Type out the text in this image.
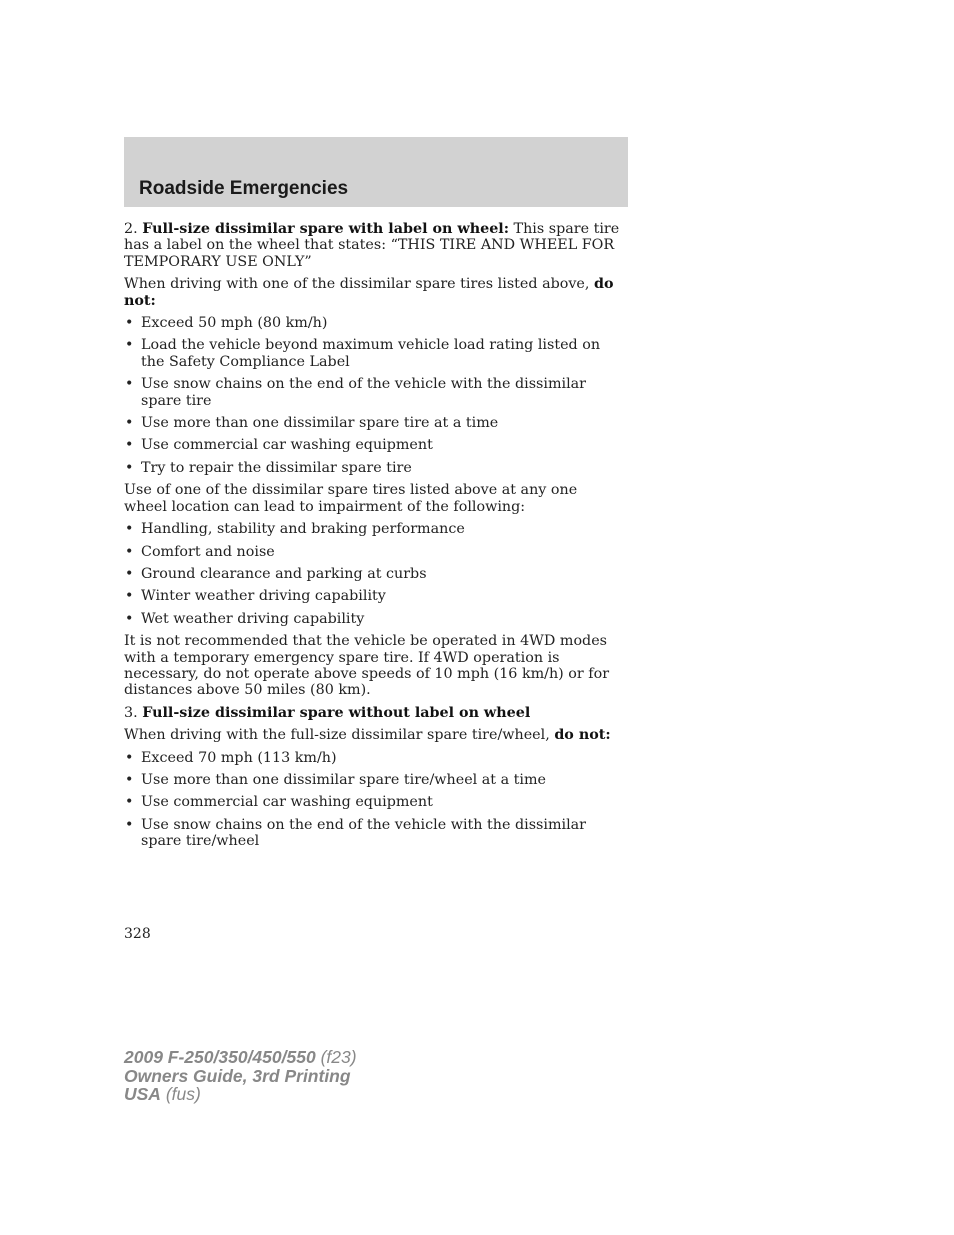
Roadside Emergencies

2. Full-size dissimilar spare with label on wheel: This spare tire has a label on the wheel that states: “THIS TIRE AND WHEEL FOR TEMPORARY USE ONLY”

When driving with one of the dissimilar spare tires listed above, do not:

• Exceed 50 mph (80 km/h)
• Load the vehicle beyond maximum vehicle load rating listed on the Safety Compliance Label
• Use snow chains on the end of the vehicle with the dissimilar spare tire
• Use more than one dissimilar spare tire at a time
• Use commercial car washing equipment
• Try to repair the dissimilar spare tire

Use of one of the dissimilar spare tires listed above at any one wheel location can lead to impairment of the following:

• Handling, stability and braking performance
• Comfort and noise
• Ground clearance and parking at curbs
• Winter weather driving capability
• Wet weather driving capability

It is not recommended that the vehicle be operated in 4WD modes with a temporary emergency spare tire. If 4WD operation is necessary, do not operate above speeds of 10 mph (16 km/h) or for distances above 50 miles (80 km).

3. Full-size dissimilar spare without label on wheel

When driving with the full-size dissimilar spare tire/wheel, do not:

• Exceed 70 mph (113 km/h)
• Use more than one dissimilar spare tire/wheel at a time
• Use commercial car washing equipment
• Use snow chains on the end of the vehicle with the dissimilar spare tire/wheel
328
2009 F-250/350/450/550 (f23)
Owners Guide, 3rd Printing
USA (fus)
